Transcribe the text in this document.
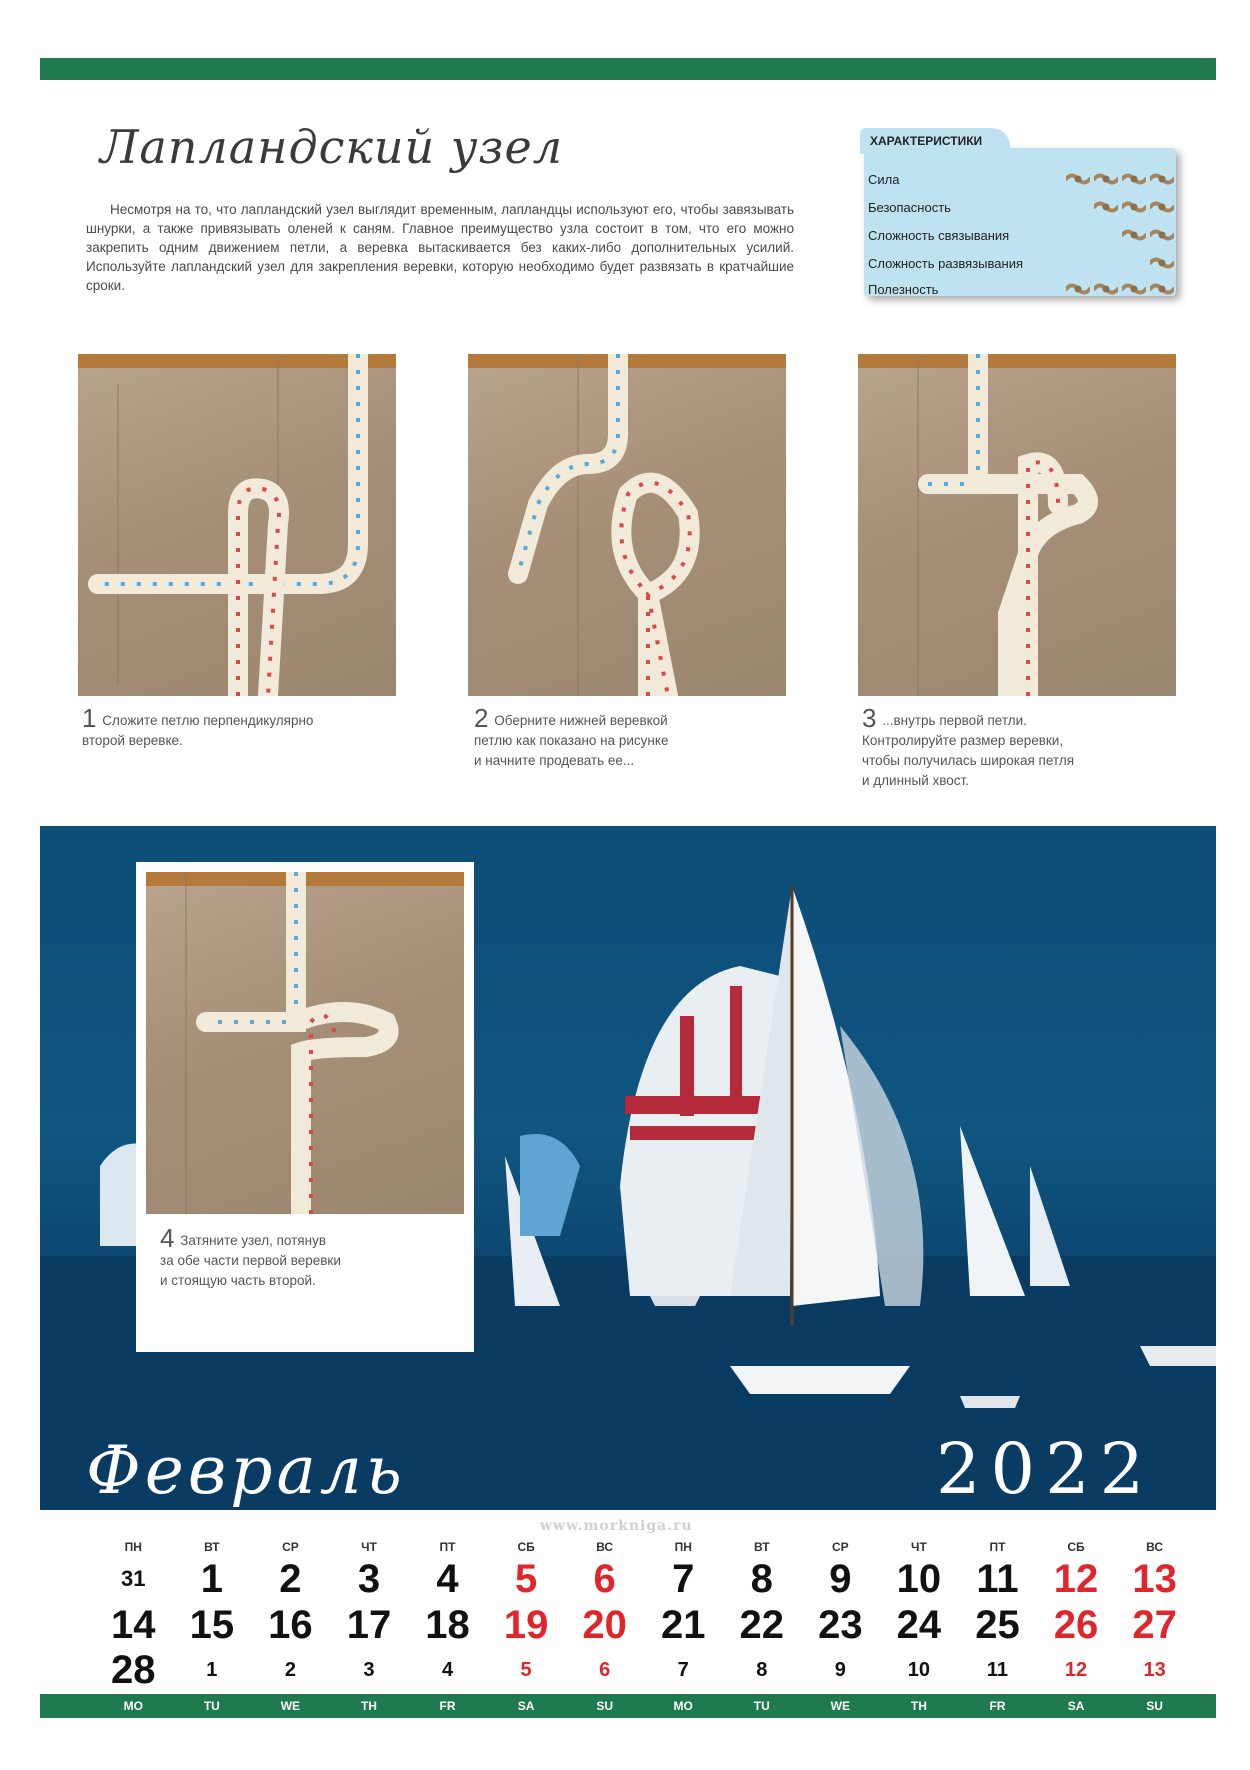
Лапландский узел
Несмотря на то, что лапландский узел выглядит временным, лапландцы используют его, чтобы завязывать шнурки, а также привязывать оленей к саням. Главное преимущество узла состоит в том, что его можно закрепить одним движением петли, а веревка вытаскивается без каких-либо дополнительных усилий. Используйте лапландский узел для закрепления веревки, которую необходимо будет развязать в кратчайшие сроки.
ХАРАКТЕРИСТИКИ
Сила
Безопасность
Сложность связывания
Сложность развязывания
Полезность
1 Сложите петлю перпендикулярно
второй веревке.
2 Оберните нижней веревкой
петлю как показано на рисунке
и начните продевать ее...
3 ...внутрь первой петли.
Контролируйте размер веревки,
чтобы получилась широкая петля
и длинный хвост.
4 Затяните узел, потянув
за обе части первой веревки
и стоящую часть второй.
Февраль	2022
www.morkniga.ru
ПН	ВТ	СР	ЧТ	ПТ	СБ	ВС	ПН	ВТ	СР	ЧТ	ПТ	СБ	ВС
31	1	2	3	4	5	6	7	8	9	10 11 12 13
14 15 16 17 18 19 20 21 22 23 24 25 26 27
28	1	2	3	4	5	6	7	8	9	10	11	12	13
MO	TU	WE	TH	FR	SA	SU	MO	TU	WE	TH	FR	SA	SU
